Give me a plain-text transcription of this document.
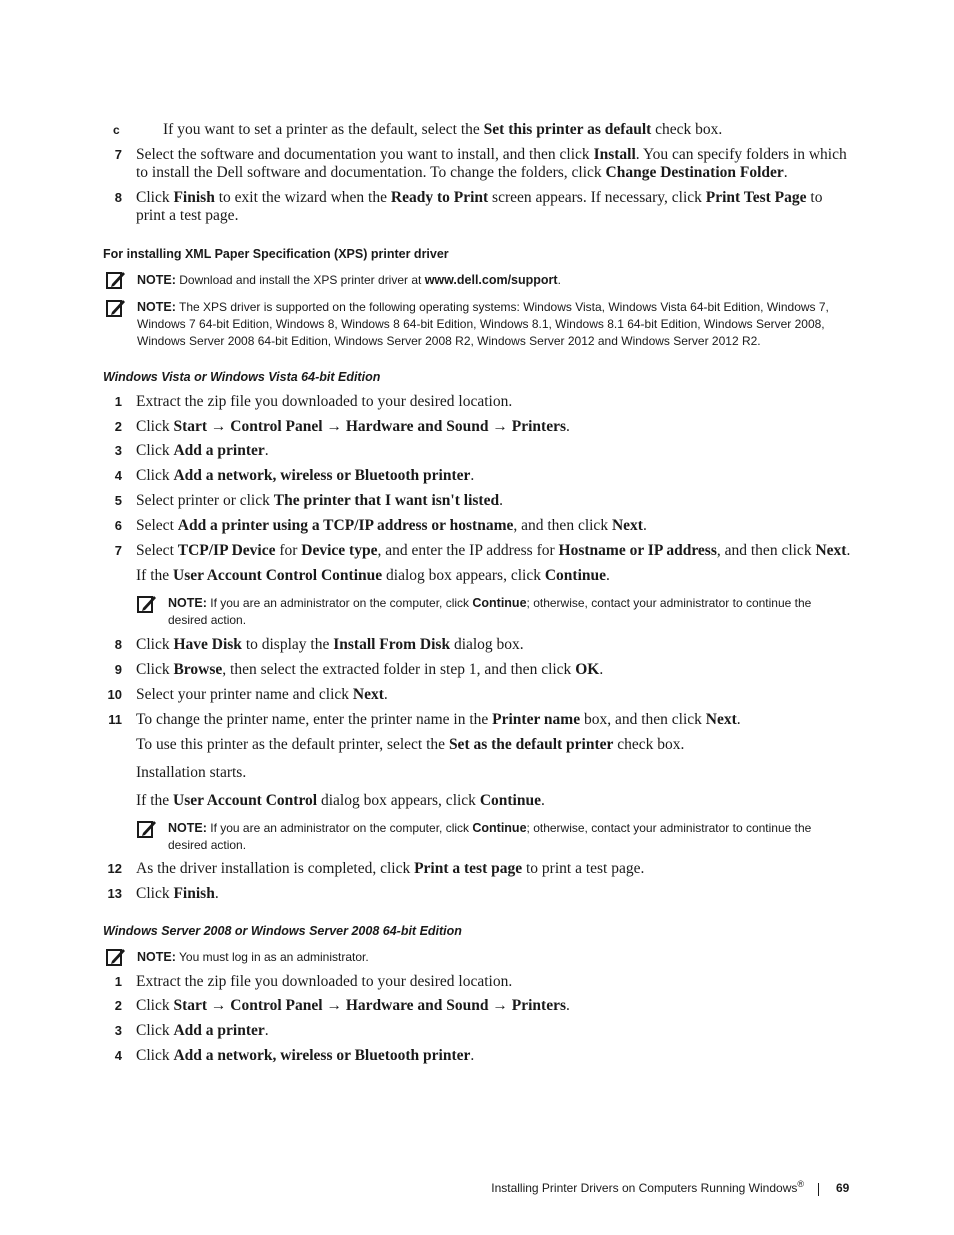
c	If you want to set a printer as the default, select the Set this printer as default check box.
7 Select the software and documentation you want to install, and then click Install. You can specify folders in which to install the Dell software and documentation. To change the folders, click Change Destination Folder.
8 Click Finish to exit the wizard when the Ready to Print screen appears. If necessary, click Print Test Page to print a test page.
For installing XML Paper Specification (XPS) printer driver
NOTE: Download and install the XPS printer driver at www.dell.com/support.
NOTE: The XPS driver is supported on the following operating systems: Windows Vista, Windows Vista 64-bit Edition, Windows 7, Windows 7 64-bit Edition, Windows 8, Windows 8 64-bit Edition, Windows 8.1, Windows 8.1 64-bit Edition, Windows Server 2008, Windows Server 2008 64-bit Edition, Windows Server 2008 R2, Windows Server 2012 and Windows Server 2012 R2.
Windows Vista or Windows Vista 64-bit Edition
1 Extract the zip file you downloaded to your desired location.
2 Click Start → Control Panel → Hardware and Sound → Printers.
3 Click Add a printer.
4 Click Add a network, wireless or Bluetooth printer.
5 Select printer or click The printer that I want isn't listed.
6 Select Add a printer using a TCP/IP address or hostname, and then click Next.
7 Select TCP/IP Device for Device type, and enter the IP address for Hostname or IP address, and then click Next.
If the User Account Control Continue dialog box appears, click Continue.
NOTE: If you are an administrator on the computer, click Continue; otherwise, contact your administrator to continue the desired action.
8 Click Have Disk to display the Install From Disk dialog box.
9 Click Browse, then select the extracted folder in step 1, and then click OK.
10 Select your printer name and click Next.
11 To change the printer name, enter the printer name in the Printer name box, and then click Next.
To use this printer as the default printer, select the Set as the default printer check box.
Installation starts.
If the User Account Control dialog box appears, click Continue.
NOTE: If you are an administrator on the computer, click Continue; otherwise, contact your administrator to continue the desired action.
12 As the driver installation is completed, click Print a test page to print a test page.
13 Click Finish.
Windows Server 2008 or Windows Server 2008 64-bit Edition
NOTE: You must log in as an administrator.
1 Extract the zip file you downloaded to your desired location.
2 Click Start → Control Panel → Hardware and Sound → Printers.
3 Click Add a printer.
4 Click Add a network, wireless or Bluetooth printer.
Installing Printer Drivers on Computers Running Windows®	69
